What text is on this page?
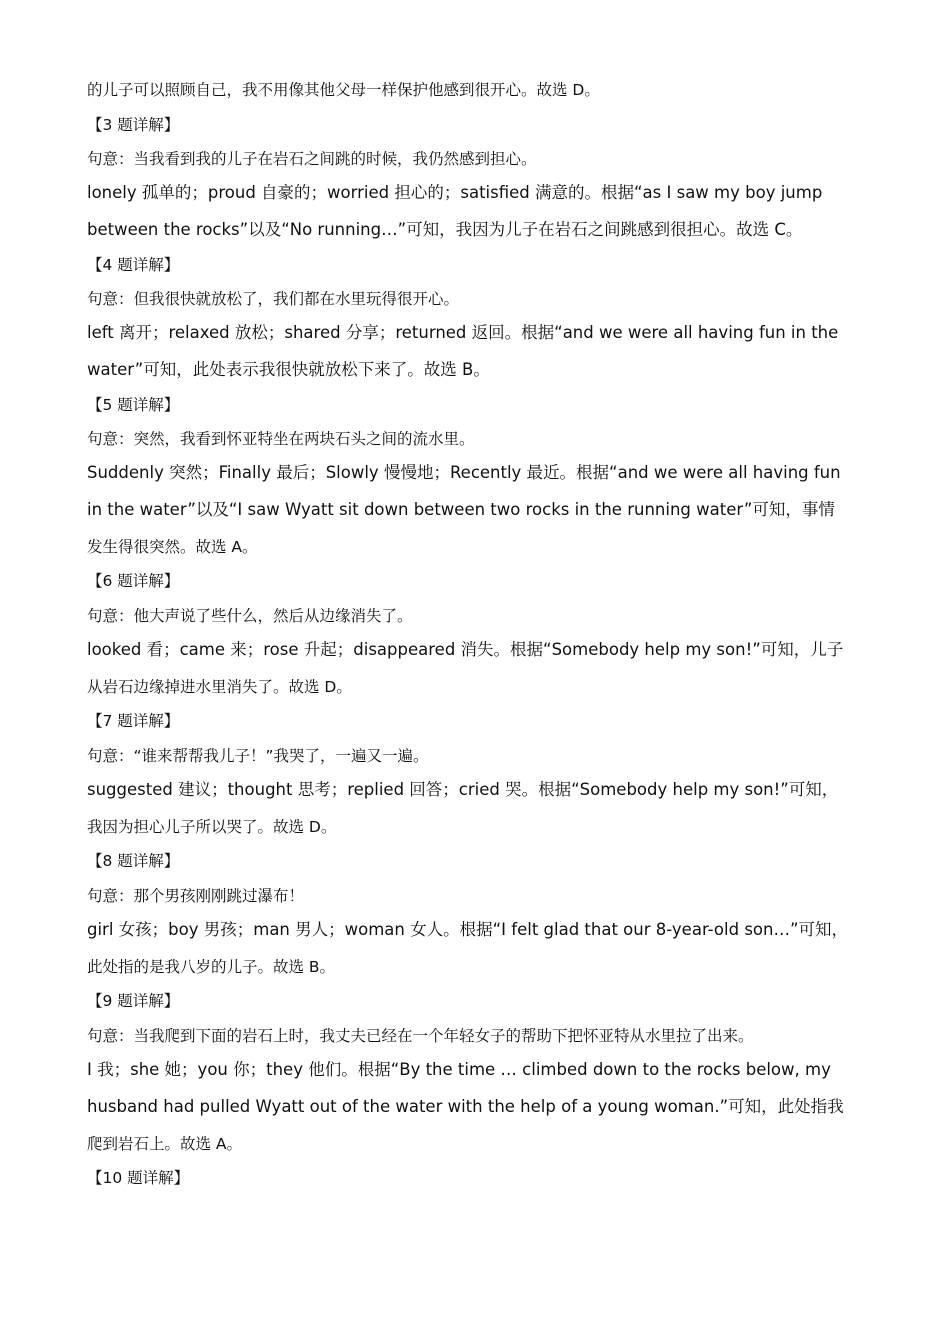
的儿子可以照顾自己，我不用像其他父母一样保护他感到很开心。故选 D。

【3 题详解】

句意：当我看到我的儿子在岩石之间跳的时候，我仍然感到担心。

lonely 孤单的；proud 自豪的；worried 担心的；satisfied 满意的。根据“as I saw my boy jump

between the rocks”以及“No running…”可知，我因为儿子在岩石之间跳感到很担心。故选 C。

【4 题详解】

句意：但我很快就放松了，我们都在水里玩得很开心。

left 离开；relaxed 放松；shared 分享；returned 返回。根据“and we were all having fun in the

water”可知，此处表示我很快就放松下来了。故选 B。

【5 题详解】

句意：突然，我看到怀亚特坐在两块石头之间的流水里。

Suddenly 突然；Finally 最后；Slowly 慢慢地；Recently 最近。根据“and we were all having fun

in the water”以及“I saw Wyatt sit down between two rocks in the running water”可知，事情

发生得很突然。故选 A。

【6 题详解】

句意：他大声说了些什么，然后从边缘消失了。

looked 看；came 来；rose 升起；disappeared 消失。根据“Somebody help my son!”可知，儿子

从岩石边缘掉进水里消失了。故选 D。

【7 题详解】

句意：“谁来帮帮我儿子！”我哭了，一遍又一遍。

suggested 建议；thought 思考；replied 回答；cried 哭。根据“Somebody help my son!”可知，

我因为担心儿子所以哭了。故选 D。

【8 题详解】

句意：那个男孩刚刚跳过瀑布！

girl 女孩；boy 男孩；man 男人；woman 女人。根据“I felt glad that our 8-year-old son…”可知，

此处指的是我八岁的儿子。故选 B。

【9 题详解】

句意：当我爬到下面的岩石上时，我丈夫已经在一个年轻女子的帮助下把怀亚特从水里拉了出来。

I 我；she 她；you 你；they 他们。根据“By the time … climbed down to the rocks below, my

husband had pulled Wyatt out of the water with the help of a young woman.”可知，此处指我

爬到岩石上。故选 A。

【10 题详解】
